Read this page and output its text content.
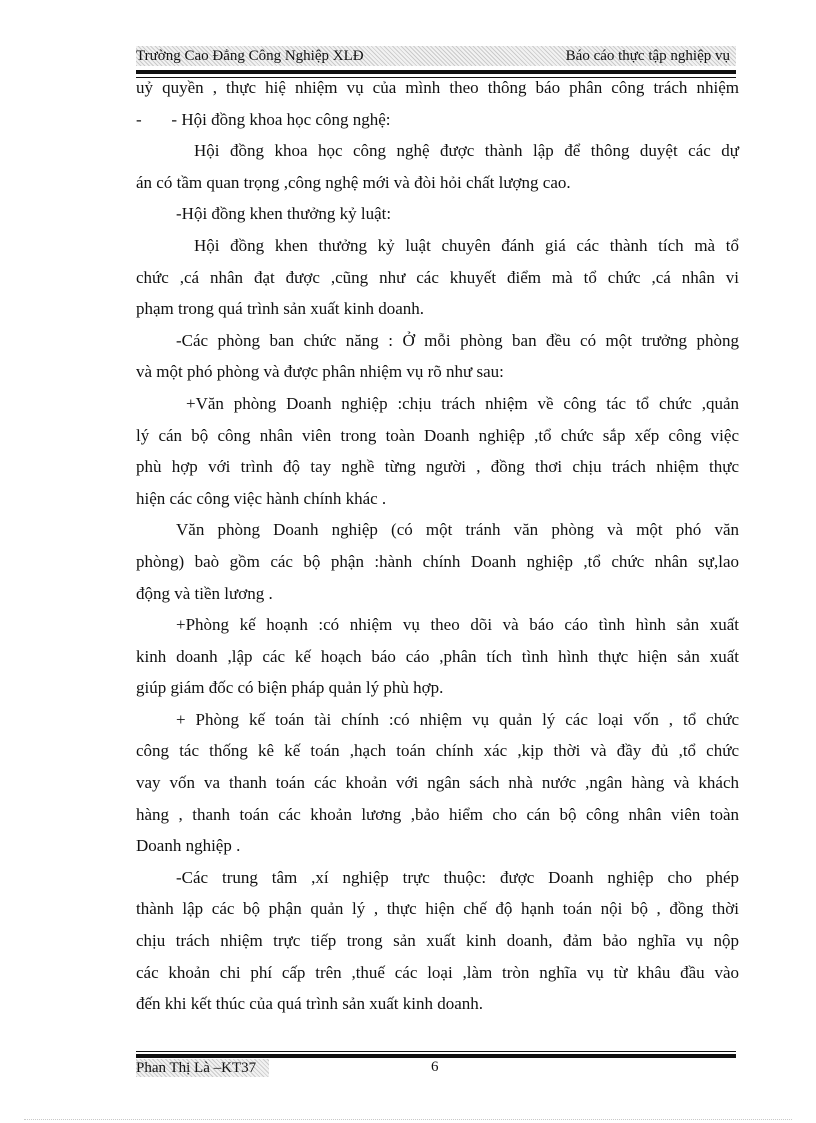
Trường Cao Đẳng Công Nghiệp XLĐ	Báo cáo thực tập nghiệp vụ

uỷ quyền , thực hiệ nhiệm vụ của mình theo thông báo phân công trách nhiệm

-       - Hội đồng khoa học công nghệ:

Hội đồng khoa học công nghệ được thành lập để thông duyệt các dự

án có tầm quan trọng ,công nghệ mới và đòi hỏi chất lượng cao.

-Hội đồng khen thưởng kỷ luật:

Hội đồng khen thưởng kỷ luật chuyên đánh giá các thành tích mà tổ

chức ,cá nhân đạt được ,cũng như các khuyết điểm mà tổ chức ,cá nhân vi

phạm trong quá trình sản xuất kinh doanh.

-Các phòng ban chức năng : Ở mỗi phòng ban đều có một trưởng phòng

và một phó phòng và được phân nhiệm vụ rõ như sau:

+Văn phòng Doanh nghiệp :chịu trách nhiệm về công tác tổ chức ,quản

lý cán bộ công nhân viên trong toàn Doanh nghiệp ,tổ chức sắp xếp công việc

phù hợp với trình độ tay nghề từng người , đồng thơi chịu trách nhiệm thực

hiện các công việc hành chính khác .

Văn phòng Doanh nghiệp (có một tránh văn phòng và một phó văn

phòng) baò gồm các bộ phận :hành chính Doanh nghiệp ,tổ chức nhân sự,lao

động và tiền lương .

+Phòng kế hoạnh :có nhiệm vụ theo dõi và báo cáo tình hình sản xuất

kinh doanh ,lập các kế hoạch báo cáo ,phân tích tình hình thực hiện sản xuất

giúp giám đốc có biện pháp quản lý phù hợp.

+ Phòng kế toán tài chính :có nhiệm vụ quản lý các loại vốn , tổ chức

công tác thống kê kế toán ,hạch toán chính xác ,kịp thời và đầy đủ ,tổ chức

vay vốn va thanh toán các khoản với ngân sách nhà nước ,ngân hàng và khách

hàng , thanh toán các khoản lương ,bảo hiểm cho cán bộ công nhân viên toàn

Doanh nghiệp .

-Các trung tâm ,xí nghiệp trực thuộc: được Doanh nghiệp cho phép

thành lập các bộ phận quản lý , thực hiện chế độ hạnh toán nội bộ , đồng thời

chịu trách nhiệm trực tiếp trong sản xuất kinh doanh, đảm bảo nghĩa vụ nộp

các khoản chi phí cấp trên ,thuế các loại ,làm tròn nghĩa vụ từ khâu đầu vào

đến khi kết thúc của quá trình sản xuất kinh doanh.

Phan Thị Là –KT37	6
